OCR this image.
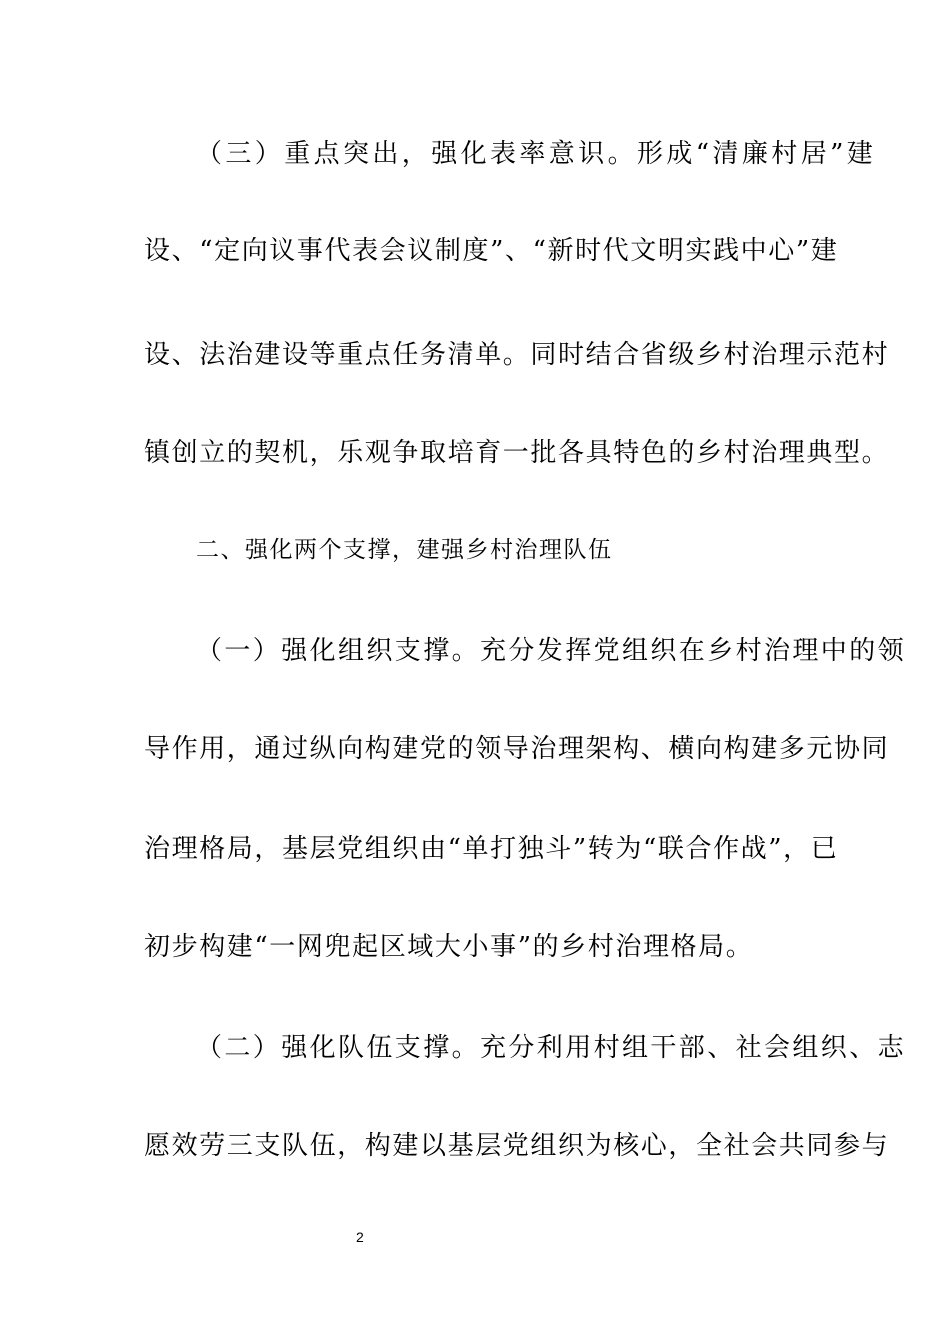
（三）重点突出，强化表率意识。形成“清廉村居”建
设、“定向议事代表会议制度”、“新时代文明实践中心”建
设、法治建设等重点任务清单。同时结合省级乡村治理示范村
镇创立的契机，乐观争取培育一批各具特色的乡村治理典型。
二、强化两个支撑，建强乡村治理队伍
（一）强化组织支撑。充分发挥党组织在乡村治理中的领
导作用，通过纵向构建党的领导治理架构、横向构建多元协同
治理格局，基层党组织由“单打独斗”转为“联合作战”，已
初步构建“一网兜起区域大小事”的乡村治理格局。
（二）强化队伍支撑。充分利用村组干部、社会组织、志
愿效劳三支队伍，构建以基层党组织为核心，全社会共同参与
2
